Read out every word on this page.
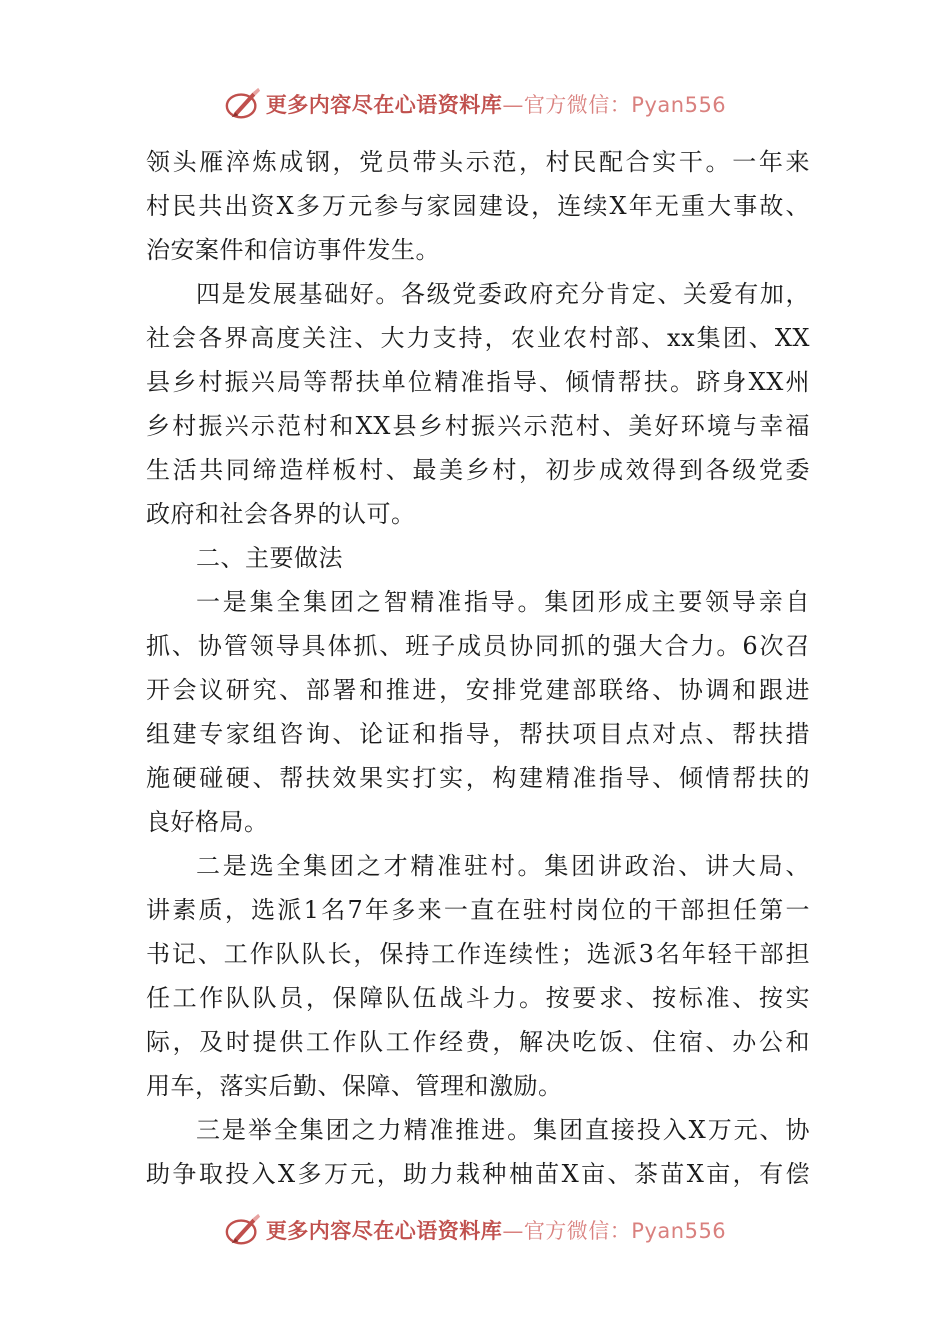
更多内容尽在心语资料库—官方微信：Pyan556
领头雁淬炼成钢，党员带头示范，村民配合实干。一年来
村民共出资X多万元参与家园建设，连续X年无重大事故、
治安案件和信访事件发生。
四是发展基础好。各级党委政府充分肯定、关爱有加，
社会各界高度关注、大力支持，农业农村部、xx集团、XX
县乡村振兴局等帮扶单位精准指导、倾情帮扶。跻身XX州
乡村振兴示范村和XX县乡村振兴示范村、美好环境与幸福
生活共同缔造样板村、最美乡村，初步成效得到各级党委
政府和社会各界的认可。
二、主要做法
一是集全集团之智精准指导。集团形成主要领导亲自
抓、协管领导具体抓、班子成员协同抓的强大合力。6次召
开会议研究、部署和推进，安排党建部联络、协调和跟进
组建专家组咨询、论证和指导，帮扶项目点对点、帮扶措
施硬碰硬、帮扶效果实打实，构建精准指导、倾情帮扶的
良好格局。
二是选全集团之才精准驻村。集团讲政治、讲大局、
讲素质，选派1名7年多来一直在驻村岗位的干部担任第一
书记、工作队队长，保持工作连续性；选派3名年轻干部担
任工作队队员，保障队伍战斗力。按要求、按标准、按实
际，及时提供工作队工作经费，解决吃饭、住宿、办公和
用车，落实后勤、保障、管理和激励。
三是举全集团之力精准推进。集团直接投入X万元、协
助争取投入X多万元，助力栽种柚苗X亩、茶苗X亩，有偿
更多内容尽在心语资料库—官方微信：Pyan556
